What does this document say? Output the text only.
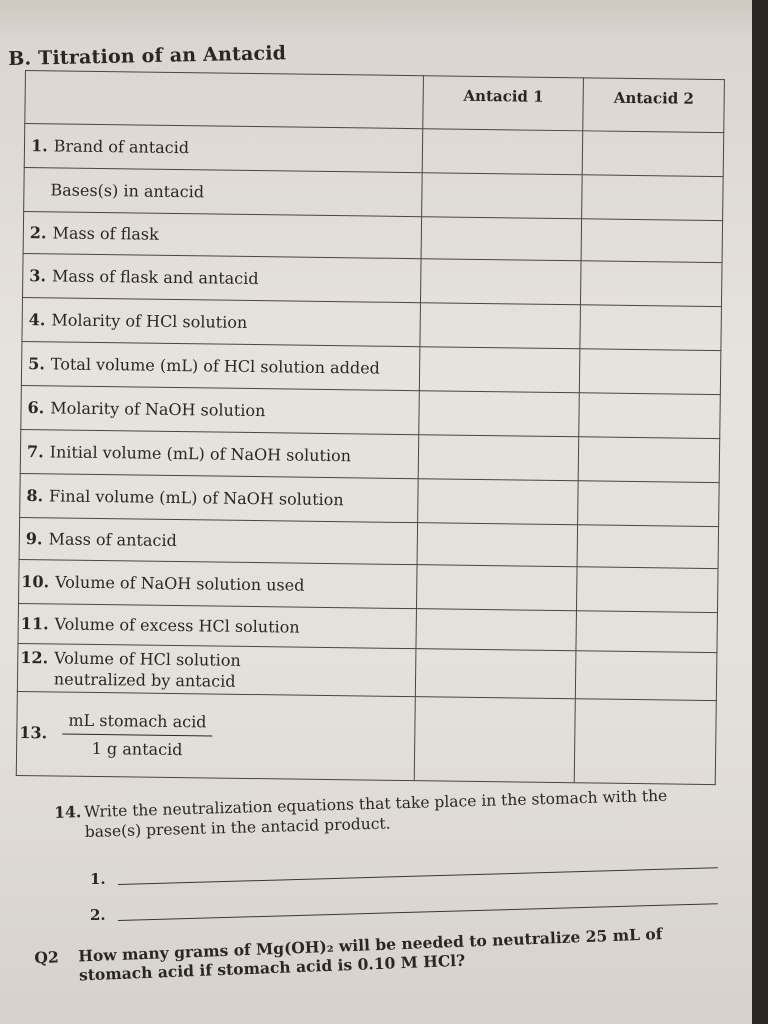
B. Titration of an Antacid
	Antacid 1	Antacid 2
1. Brand of antacid		
Bases(s) in antacid		
2. Mass of flask		
3. Mass of flask and antacid		
4. Molarity of HCl solution		
5. Total volume (mL) of HCl solution added		
6. Molarity of NaOH solution		
7. Initial volume (mL) of NaOH solution		
8. Final volume (mL) of NaOH solution		
9. Mass of antacid		
10. Volume of NaOH solution used		
11. Volume of excess HCl solution		
12. Volume of HCl solution neutralized by antacid		
13. $\frac{\text{mL stomach acid}}{\text{1 g antacid}}$

14. Write the neutralization equations that take place in the stomach with the base(s) present in the antacid product.
1.
2.
Q2	How many grams of Mg(OH)₂ will be needed to neutralize 25 mL of stomach acid if stomach acid is 0.10 M HCl?
